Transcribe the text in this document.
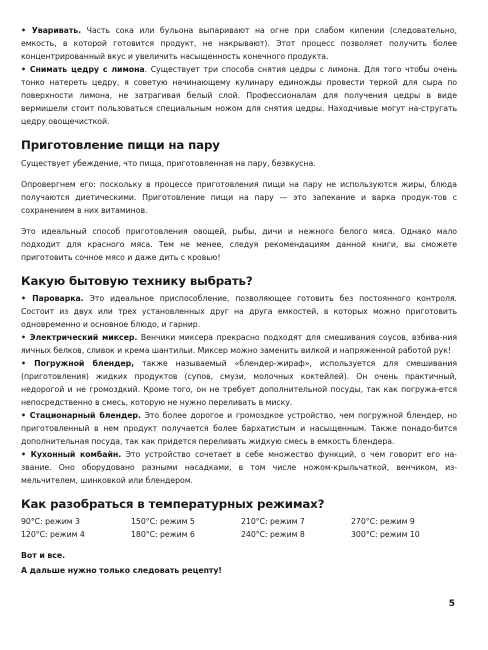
• Уваривать. Часть сока или бульона выпаривают на огне при слабом кипении (следовательно, емкость, в которой готовится продукт, не накрывают). Этот процесс позволяет получить более концентрированный вкус и увеличить насыщенность конечного продукта.

• Снимать цедру с лимона. Существует три способа снятия цедры с лимона. Для того чтобы очень тонко натереть цедру, я советую начинающему кулинару единожды провести теркой для сыра по поверхности лимона, не затрагивая белый слой. Профессионалам для получения цедры в виде вермишели стоит пользоваться специальным ножом для снятия цедры. Находчивые могут на-стругать цедру овощечисткой.

Приготовление пищи на пару

Существует убеждение, что пища, приготовленная на пару, безвкусна.

Опровергнем его: поскольку в процессе приготовления пищи на пару не используются жиры, блюда получаются диетическими. Приготовление пищи на пару — это запекание и варка продук-тов с сохранением в них витаминов.

Это идеальный способ приготовления овощей, рыбы, дичи и нежного белого мяса. Однако мало подходит для красного мяса. Тем не менее, следуя рекомендациям данной книги, вы сможете приготовить сочное мясо и даже дить с кровью!

Какую бытовую технику выбрать?

• Пароварка. Это идеальное приспособление, позволяющее готовить без постоянного контроля. Состоит из двух или трех установленных друг на друга емкостей, в которых можно приготовить одновременно и основное блюдо, и гарнир.

• Электрический миксер. Венчики миксера прекрасно подходят для смешивания соусов, взбива-ния яичных белков, сливок и крема шантильи. Миксер можно заменить вилкой и напряженной работой рук!

• Погружной блендер, также называемый «блендер-жираф», используется для смешивания (приготовления) жидких продуктов (супов, смузи, молочных коктейлей). Он очень практичный, недорогой и не громоздкий. Кроме того, он не требует дополнительной посуды, так как погружа-ется непосредственно в смесь, которую не нужно переливать в миску.

• Стационарный блендер. Это более дорогое и громоздкое устройство, чем погружной блендер, но приготовленный в нем продукт получается более бархатистым и насыщенным. Также понадо-бится дополнительная посуда, так как придется переливать жидкую смесь в емкость блендера.

• Кухонный комбайн. Это устройство сочетает в себе множество функций, о чем говорит его на-звание. Оно оборудовано разными насадками, в том числе ножом-крыльчаткой, венчиком, из-мельчителем, шинковкой или блендером.

Как разобраться в температурных режимах?
90°C: режим 3	150°C: режим 5	210°C: режим 7	270°C: режим 9
120°C: режим 4	180°C: режим 6	240°C: режим 8	300°C: режим 10
Вот и все.
А дальше нужно только следовать рецепту!
5
